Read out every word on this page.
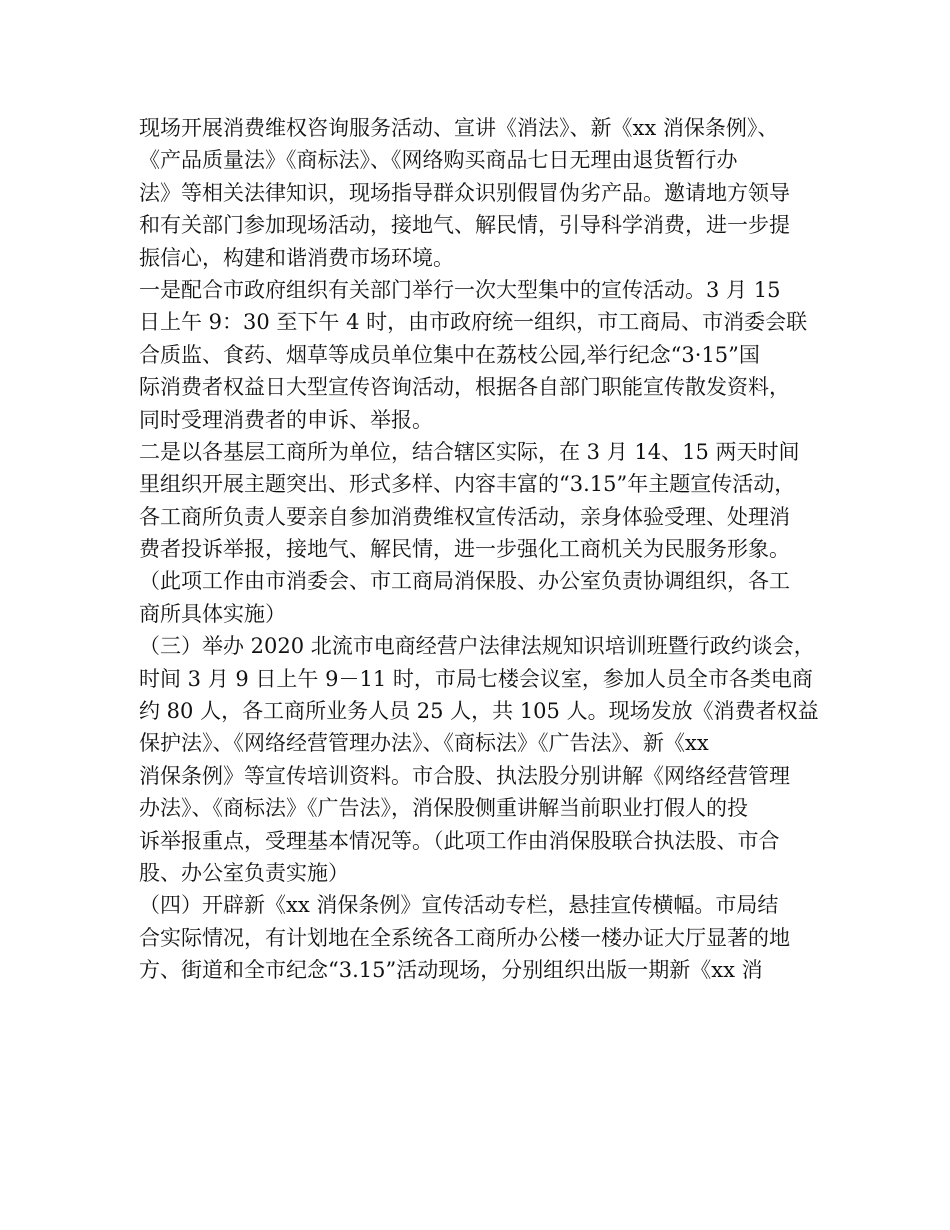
现场开展消费维权咨询服务活动、宣讲《消法》、新《xx 消保条例》、
《产品质量法》《商标法》、《网络购买商品七日无理由退货暂行办
法》等相关法律知识，现场指导群众识别假冒伪劣产品。邀请地方领导
和有关部门参加现场活动，接地气、解民情，引导科学消费，进一步提
振信心，构建和谐消费市场环境。
一是配合市政府组织有关部门举行一次大型集中的宣传活动。3 月 15
日上午 9：30 至下午 4 时，由市政府统一组织，市工商局、市消委会联
合质监、食药、烟草等成员单位集中在荔枝公园,举行纪念“3·15”国
际消费者权益日大型宣传咨询活动，根据各自部门职能宣传散发资料，
同时受理消费者的申诉、举报。
二是以各基层工商所为单位，结合辖区实际，在 3 月 14、15 两天时间
里组织开展主题突出、形式多样、内容丰富的“3.15”年主题宣传活动，
各工商所负责人要亲自参加消费维权宣传活动，亲身体验受理、处理消
费者投诉举报，接地气、解民情，进一步强化工商机关为民服务形象。
（此项工作由市消委会、市工商局消保股、办公室负责协调组织，各工
商所具体实施）
（三）举办 2020 北流市电商经营户法律法规知识培训班暨行政约谈会，
时间 3 月 9 日上午 9－11 时，市局七楼会议室，参加人员全市各类电商
约 80 人，各工商所业务人员 25 人，共 105 人。现场发放《消费者权益
保护法》、《网络经营管理办法》、《商标法》《广告法》、新《xx
消保条例》等宣传培训资料。市合股、执法股分别讲解《网络经营管理
办法》、《商标法》《广告法》，消保股侧重讲解当前职业打假人的投
诉举报重点，受理基本情况等。（此项工作由消保股联合执法股、市合
股、办公室负责实施）
（四）开辟新《xx 消保条例》宣传活动专栏，悬挂宣传横幅。市局结
合实际情况，有计划地在全系统各工商所办公楼一楼办证大厅显著的地
方、街道和全市纪念“3.15”活动现场，分别组织出版一期新《xx 消
